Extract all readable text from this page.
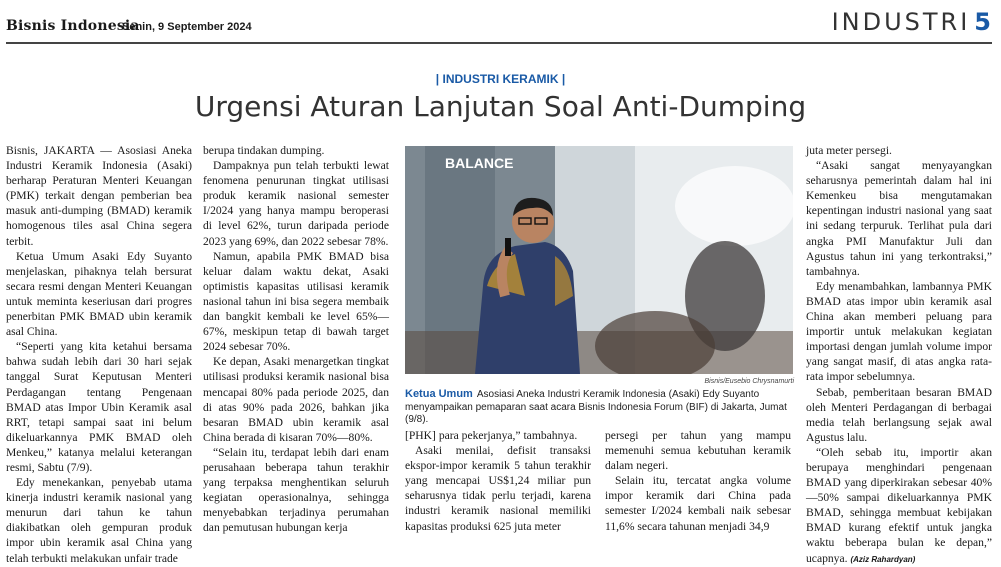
Bisnis Indonesia
Senin, 9 September 2024	INDUSTRI 5
| INDUSTRI KERAMIK |
Urgensi Aturan Lanjutan Soal Anti-Dumping

Bisnis, JAKARTA — Asosiasi Aneka Industri Keramik Indonesia (Asaki) berharap Peraturan Menteri Keuangan (PMK) terkait dengan pemberian bea masuk anti-dumping (BMAD) keramik homogenous tiles asal China segera terbit.

Ketua Umum Asaki Edy Suyanto menjelaskan, pihaknya telah bersurat secara resmi dengan Menteri Keuangan untuk meminta keseriusan dari progres penerbitan PMK BMAD ubin keramik asal China.

“Seperti yang kita ketahui bersama bahwa sudah lebih dari 30 hari sejak tanggal Surat Keputusan Menteri Perdagangan tentang Pengenaan BMAD atas Impor Ubin Keramik asal RRT, tetapi sampai saat ini belum dikeluarkannya PMK BMAD oleh Menkeu,” katanya melalui keterangan resmi, Sabtu (7/9).

Edy menekankan, penyebab utama kinerja industri keramik nasional yang menurun dari tahun ke tahun diakibatkan oleh gempuran produk impor ubin keramik asal China yang telah terbukti melakukan unfair trade

berupa tindakan dumping.

Dampaknya pun telah terbukti lewat fenomena penurunan tingkat utilisasi produk keramik nasional semester I/2024 yang hanya mampu beroperasi di level 62%, turun daripada periode 2023 yang 69%, dan 2022 sebesar 78%.

Namun, apabila PMK BMAD bisa keluar dalam waktu dekat, Asaki optimistis kapasitas utilisasi keramik nasional tahun ini bisa segera membaik dan bangkit kembali ke level 65%—67%, meskipun tetap di bawah target 2024 sebesar 70%.

Ke depan, Asaki menargetkan tingkat utilisasi produksi keramik nasional bisa mencapai 80% pada periode 2025, dan di atas 90% pada 2026, bahkan jika besaran BMAD ubin keramik asal China berada di kisaran 70%—80%.

“Selain itu, terdapat lebih dari enam perusahaan beberapa tahun terakhir yang terpaksa menghentikan seluruh kegiatan operasionalnya, sehingga menyebabkan terjadinya perumahan dan pemutusan hubungan kerja

BALANCE
Bisnis/Eusebio Chrysnamurti
Ketua Umum Asosiasi Aneka Industri Keramik Indonesia (Asaki) Edy Suyanto menyampaikan pemaparan saat acara Bisnis Indonesia Forum (BIF) di Jakarta, Jumat (9/8).

[PHK] para pekerjanya,” tambahnya.

Asaki menilai, defisit transaksi ekspor-impor keramik 5 tahun terakhir yang mencapai US$1,24 miliar pun seharusnya tidak perlu terjadi, karena industri keramik nasional memiliki kapasitas produksi 625 juta meter

persegi per tahun yang mampu memenuhi semua kebutuhan keramik dalam negeri.

Selain itu, tercatat angka volume impor keramik dari China pada semester I/2024 kembali naik sebesar 11,6% secara tahunan menjadi 34,9

juta meter persegi.

“Asaki sangat menyayangkan seharusnya pemerintah dalam hal ini Kemenkeu bisa mengutamakan kepentingan industri nasional yang saat ini sedang terpuruk. Terlihat pula dari angka PMI Manufaktur Juli dan Agustus tahun ini yang terkontraksi,” tambahnya.

Edy menambahkan, lambannya PMK BMAD atas impor ubin keramik asal China akan memberi peluang para importir untuk melakukan kegiatan importasi dengan jumlah volume impor yang sangat masif, di atas angka rata-rata impor sebelumnya.

Sebab, pemberitaan besaran BMAD oleh Menteri Perdagangan di berbagai media telah berlangsung sejak awal Agustus lalu.

“Oleh sebab itu, importir akan berupaya menghindari pengenaan BMAD yang diperkirakan sebesar 40%—50% sampai dikeluarkannya PMK BMAD, sehingga membuat kebijakan BMAD kurang efektif untuk jangka waktu beberapa bulan ke depan,” ucapnya. (Aziz Rahardyan)
